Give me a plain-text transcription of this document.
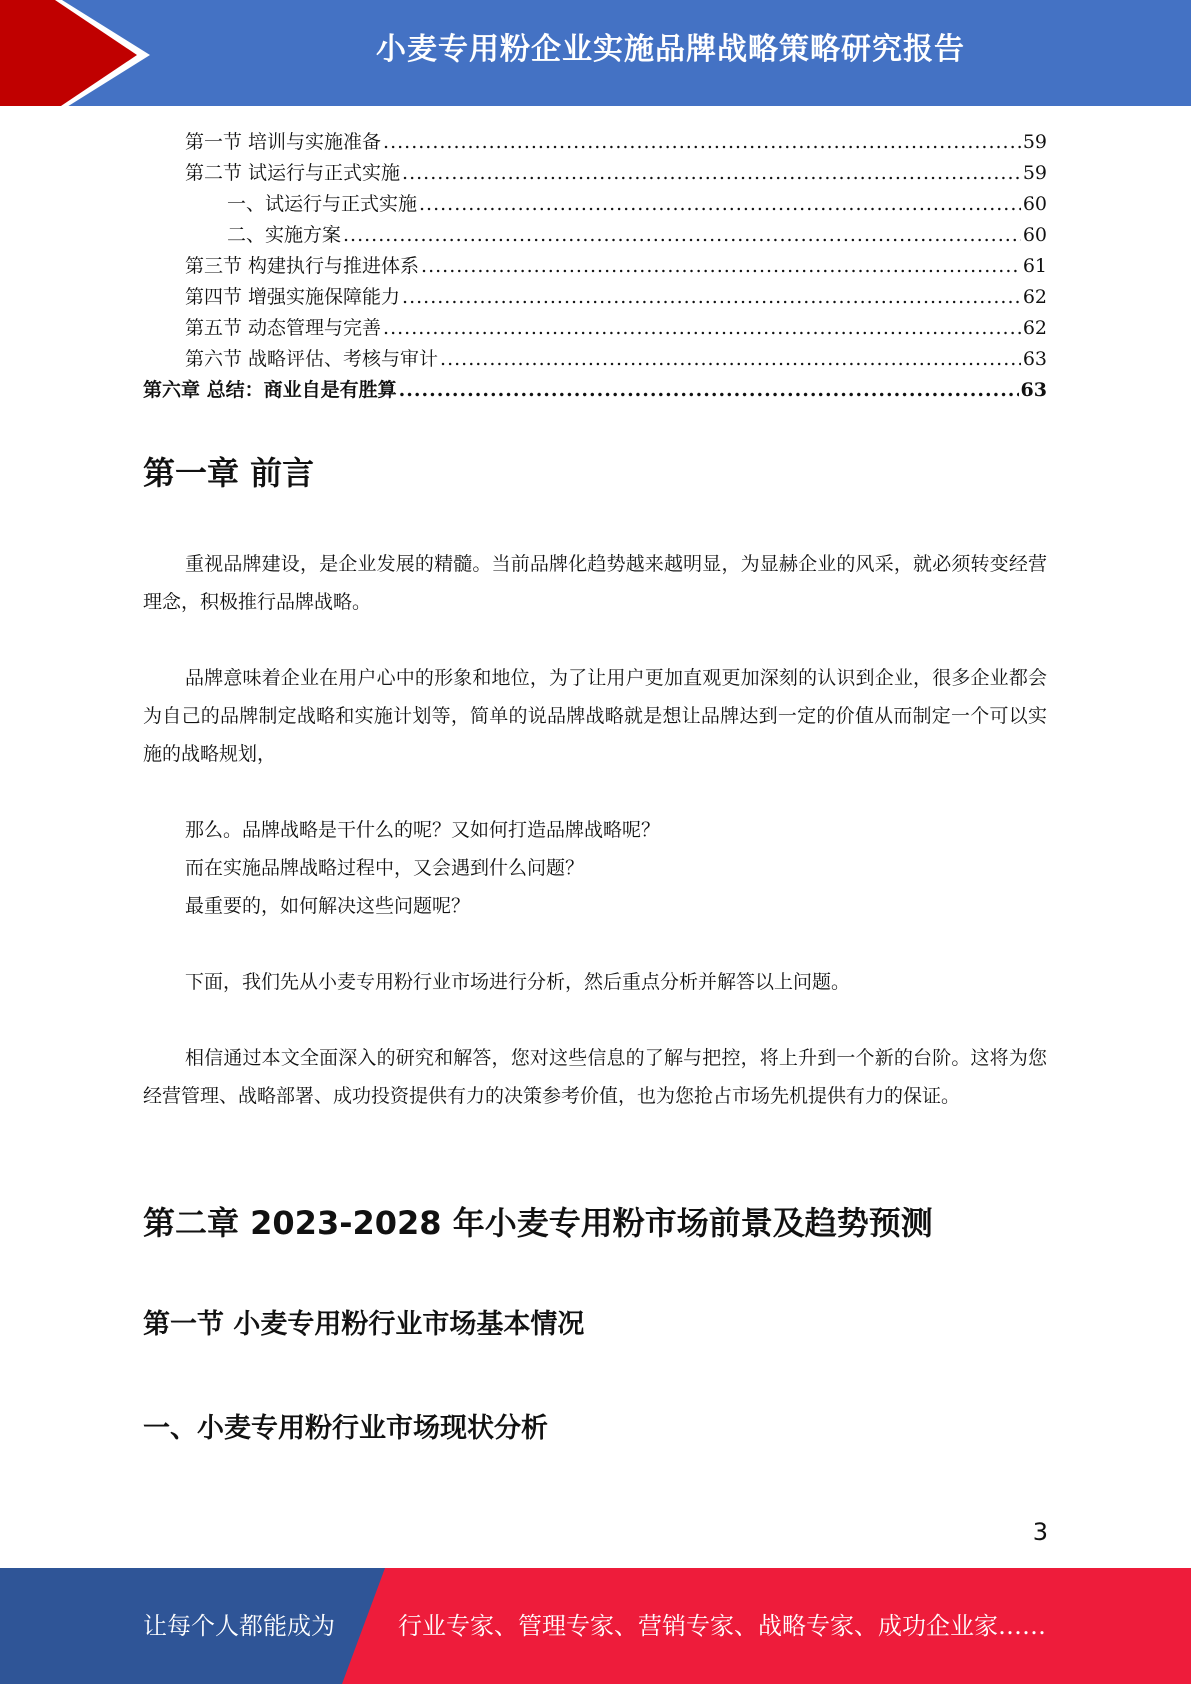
小麦专用粉企业实施品牌战略策略研究报告
第一节 培训与实施准备 .....	59
第二节 试运行与正式实施 .....	59
一、试运行与正式实施 .....	60
二、实施方案 .....	60
第三节 构建执行与推进体系 .....	61
第四节 增强实施保障能力 .....	62
第五节 动态管理与完善 .....	62
第六节 战略评估、考核与审计 .....	63
第六章 总结：商业自是有胜算 .....	63
第一章 前言

重视品牌建设，是企业发展的精髓。当前品牌化趋势越来越明显，为显赫企业的风采，就必须转变经营理念，积极推行品牌战略。

品牌意味着企业在用户心中的形象和地位，为了让用户更加直观更加深刻的认识到企业，很多企业都会为自己的品牌制定战略和实施计划等，简单的说品牌战略就是想让品牌达到一定的价值从而制定一个可以实施的战略规划，

那么。品牌战略是干什么的呢？又如何打造品牌战略呢？

而在实施品牌战略过程中，又会遇到什么问题？

最重要的，如何解决这些问题呢？

下面，我们先从小麦专用粉行业市场进行分析，然后重点分析并解答以上问题。

相信通过本文全面深入的研究和解答，您对这些信息的了解与把控，将上升到一个新的台阶。这将为您经营管理、战略部署、成功投资提供有力的决策参考价值，也为您抢占市场先机提供有力的保证。

第二章 2023-2028 年小麦专用粉市场前景及趋势预测
第一节 小麦专用粉行业市场基本情况
一、小麦专用粉行业市场现状分析
3
让每个人都能成为	行业专家、管理专家、营销专家、战略专家、成功企业家……
